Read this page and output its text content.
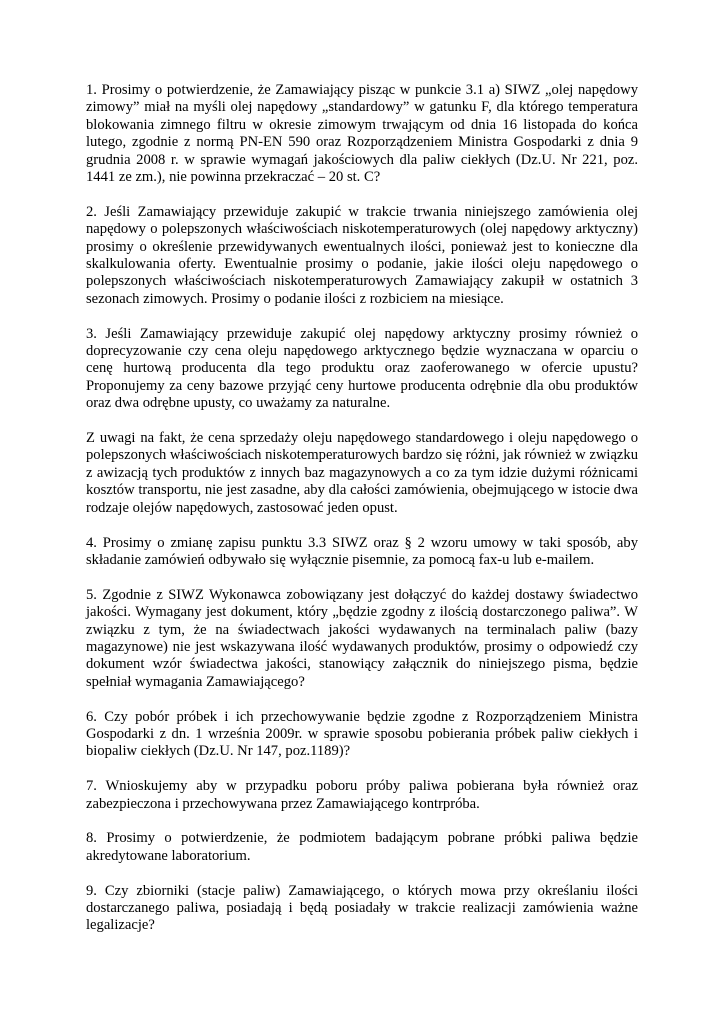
1. Prosimy o potwierdzenie, że Zamawiający pisząc w punkcie 3.1 a) SIWZ „olej napędowy zimowy” miał na myśli olej napędowy „standardowy” w gatunku F, dla którego temperatura blokowania zimnego filtru w okresie zimowym trwającym od dnia 16 listopada do końca lutego, zgodnie z normą PN-EN 590 oraz Rozporządzeniem Ministra Gospodarki z dnia 9 grudnia 2008 r. w sprawie wymagań jakościowych dla paliw ciekłych (Dz.U. Nr 221, poz. 1441 ze zm.), nie powinna przekraczać – 20 st. C?

2. Jeśli Zamawiający przewiduje zakupić w trakcie trwania niniejszego zamówienia olej napędowy o polepszonych właściwościach niskotemperaturowych (olej napędowy arktyczny) prosimy o określenie przewidywanych ewentualnych ilości, ponieważ jest to konieczne dla skalkulowania oferty. Ewentualnie prosimy o podanie, jakie ilości oleju napędowego o polepszonych właściwościach niskotemperaturowych Zamawiający zakupił w ostatnich 3 sezonach zimowych. Prosimy o podanie ilości z rozbiciem na miesiące.

3. Jeśli Zamawiający przewiduje zakupić olej napędowy arktyczny prosimy również o doprecyzowanie czy cena oleju napędowego arktycznego będzie wyznaczana w oparciu o cenę hurtową producenta dla tego produktu oraz zaoferowanego w ofercie upustu? Proponujemy za ceny bazowe przyjąć ceny hurtowe producenta odrębnie dla obu produktów oraz dwa odrębne upusty, co uważamy za naturalne.

Z uwagi na fakt, że cena sprzedaży oleju napędowego standardowego i oleju napędowego o polepszonych właściwościach niskotemperaturowych bardzo się różni, jak również w związku z awizacją tych produktów z innych baz magazynowych a co za tym idzie dużymi różnicami kosztów transportu, nie jest zasadne, aby dla całości zamówienia, obejmującego w istocie dwa rodzaje olejów napędowych, zastosować jeden opust.

4. Prosimy o zmianę zapisu punktu 3.3 SIWZ oraz § 2 wzoru umowy w taki sposób, aby składanie zamówień odbywało się wyłącznie pisemnie, za pomocą fax-u lub e-mailem.

5. Zgodnie z SIWZ Wykonawca zobowiązany jest dołączyć do każdej dostawy świadectwo jakości. Wymagany jest dokument, który „będzie zgodny z ilością dostarczonego paliwa”. W związku z tym, że na świadectwach jakości wydawanych na terminalach paliw (bazy magazynowe) nie jest wskazywana ilość wydawanych produktów, prosimy o odpowiedź czy dokument wzór świadectwa jakości, stanowiący załącznik do niniejszego pisma, będzie spełniał wymagania Zamawiającego?

6. Czy pobór próbek i ich przechowywanie będzie zgodne z Rozporządzeniem Ministra Gospodarki z dn. 1 września 2009r. w sprawie sposobu pobierania próbek paliw ciekłych i biopaliw ciekłych (Dz.U. Nr 147, poz.1189)?

7. Wnioskujemy aby w przypadku poboru próby paliwa pobierana była również oraz zabezpieczona i przechowywana przez Zamawiającego kontrpróba.

8. Prosimy o potwierdzenie, że podmiotem badającym pobrane próbki paliwa będzie akredytowane laboratorium.

9. Czy zbiorniki (stacje paliw) Zamawiającego, o których mowa przy określaniu ilości dostarczanego paliwa, posiadają i będą posiadały w trakcie realizacji zamówienia ważne legalizacje?
